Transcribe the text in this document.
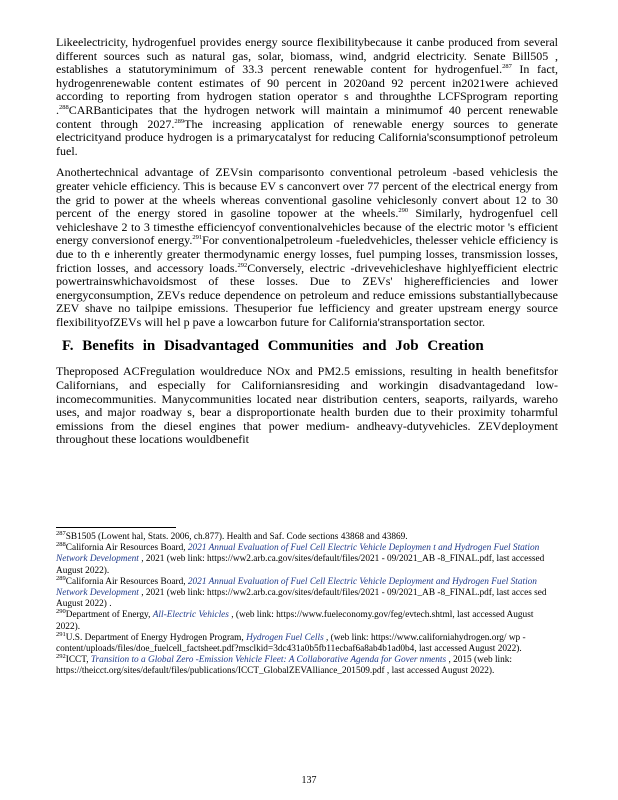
Likeelectricity, hydrogenfuel provides energy source flexibilitybecause it canbe produced from several different sources such as natural gas, solar, biomass, wind, andgrid electricity. Senate Bill505 , establishes a statutoryminimum of 33.3 percent renewable content for hydrogenfuel.$^{287}$ In fact, hydrogenrenewable content estimates of 90 percent in 2020and 92 percent in2021were achieved according to reporting from hydrogen station operator s and throughthe LCFSprogram reporting .$^{288}$CARBanticipates that the hydrogen network will maintain a minimumof 40 percent renewable content through 2027.$^{289}$The increasing application of renewable energy sources to generate electricityand produce hydrogen is a primarycatalyst for reducing California'sconsumptionof petroleum fuel.

Anothertechnical advantage of ZEVsin comparisonto conventional petroleum -based vehiclesis the greater vehicle efficiency. This is because EV s canconvert over 77 percent of the electrical energy from the grid to power at the wheels whereas conventional gasoline vehiclesonly convert about 12 to 30 percent of the energy stored in gasoline topower at the wheels.$^{290}$ Similarly, hydrogenfuel cell vehicleshave 2 to 3 timesthe efficiencyof conventionalvehicles because of the electric motor 's efficient energy conversionof energy.$^{291}$For conventionalpetroleum -fueledvehicles, thelesser vehicle efficiency is due to th e inherently greater thermodynamic energy losses, fuel pumping losses, transmission losses, friction losses, and accessory loads.$^{292}$Conversely, electric -drivevehicleshave highlyefficient electric powertrainswhichavoidsmost of these losses. Due to ZEVs' higherefficiencies and lower energyconsumption, ZEVs reduce dependence on petroleum and reduce emissions substantiallybecause ZEV shave no tailpipe emissions. Thesuperior fue lefficiency and greater upstream energy source flexibilityofZEVs will hel p pave a lowcarbon future for California'stransportation sector.

F. Benefits in Disadvantaged Communities and Job Creation

Theproposed ACFregulation wouldreduce NOx and PM2.5 emissions, resulting in health benefitsfor Californians, and especially for Californiansresiding and workingin disadvantagedand low-incomecommunities. Manycommunities located near distribution centers, seaports, railyards, wareho uses, and major roadway s, bear a disproportionate health burden due to their proximity toharmful emissions from the diesel engines that power medium- andheavy-dutyvehicles. ZEVdeployment throughout these locations wouldbenefit

$^{287}$SB1505 (Lowent hal, Stats. 2006, ch.877). Health and Saf. Code sections 43868 and 43869.

$^{288}$California Air Resources Board, 2021 Annual Evaluation of Fuel Cell Electric Vehicle Deploymen t and Hydrogen Fuel Station Network Development , 2021 (web link: https://ww2.arb.ca.gov/sites/default/files/2021 - 09/2021_AB -8_FINAL.pdf, last accessed August 2022).

$^{289}$California Air Resources Board, 2021 Annual Evaluation of Fuel Cell Electric Vehicle Deployment and Hydrogen Fuel Station Network Development , 2021 (web link: https://ww2.arb.ca.gov/sites/default/files/2021 - 09/2021_AB -8_FINAL.pdf, last acces sed August 2022) .

$^{290}$Department of Energy, All-Electric Vehicles , (web link: https://www.fueleconomy.gov/feg/evtech.shtml, last accessed August 2022).

$^{291}$U.S. Department of Energy Hydrogen Program, Hydrogen Fuel Cells , (web link: https://www.californiahydrogen.org/ wp - content/uploads/files/doe_fuelcell_factsheet.pdf?msclkid=3dc431a0b5fb11ecbaf6a8ab4b1ad0b4, last accessed August 2022).

$^{292}$ICCT, Transition to a Global Zero -Emission Vehicle Fleet: A Collaborative Agenda for Gover nments , 2015 (web link: https://theicct.org/sites/default/files/publications/ICCT_GlobalZEVAlliance_201509.pdf , last accessed August 2022).

137
